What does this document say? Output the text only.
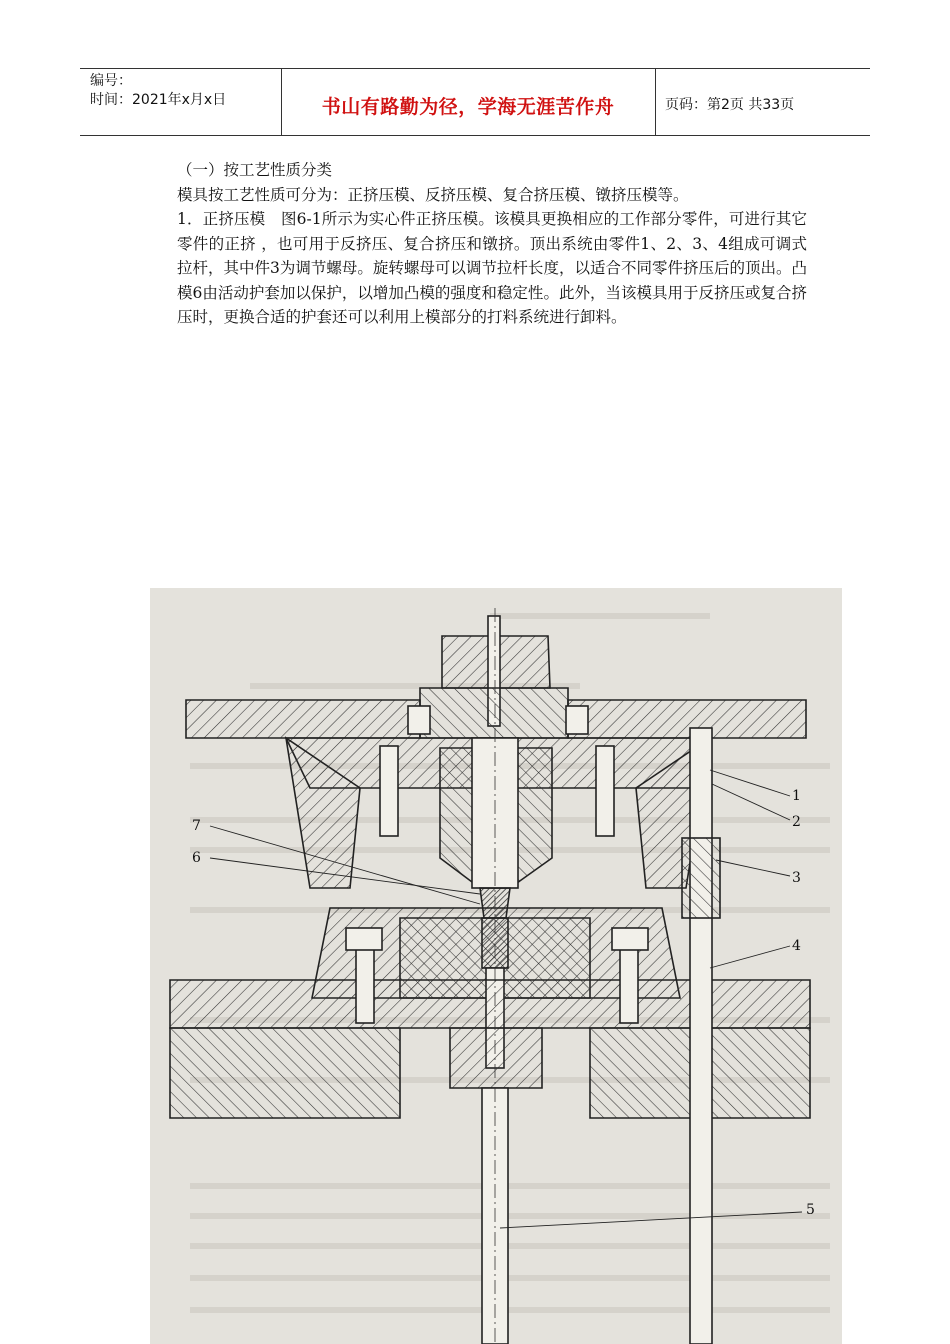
编号：
时间：2021年x月x日	书山有路勤为径，学海无涯苦作舟	页码：第2页 共33页

（一）按工艺性质分类

模具按工艺性质可分为：正挤压模、反挤压模、复合挤压模、镦挤压模等。

1．正挤压模　图6-1所示为实心件正挤压模。该模具更换相应的工作部分零件，可进行其它零件的正挤 ，也可用于反挤压、复合挤压和镦挤。顶出系统由零件1、2、3、4组成可调式拉杆，其中件3为调节螺母。旋转螺母可以调节拉杆长度，以适合不同零件挤压后的顶出。凸模6由活动护套加以保护，以增加凸模的强度和稳定性。此外，当该模具用于反挤压或复合挤压时，更换合适的护套还可以利用上模部分的打料系统进行卸料。

1
2
3
4
5
6
7
